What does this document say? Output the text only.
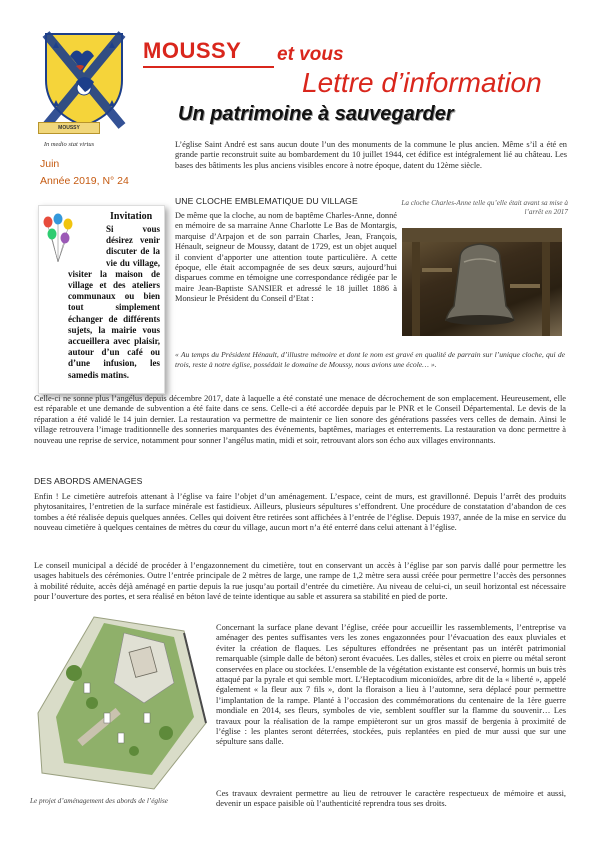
MOUSSY
In medio stat virtus
MOUSSY et vous
Lettre d’information
Un patrimoine à sauvegarder
Juin
Année 2019, N° 24
Invitation
Si vous désirez venir discuter de la vie du village, visiter la maison de village et des ateliers communaux ou bien tout simplement échanger de différents sujets, la mairie vous accueillera avec plaisir, autour d’un café ou d’une infusion, les samedis matins.
L’église Saint André est sans aucun doute l’un des monuments de la commune le plus ancien. Même s’il a été en grande partie reconstruit suite au bombardement du 10 juillet 1944, cet édifice est intégralement lié au château. Les bases des bâtiments les plus anciens visibles encore à notre époque, datent du 12ème siècle.
UNE CLOCHE EMBLEMATIQUE DU VILLAGE
De même que la cloche, au nom de baptême Charles-Anne, donné en mémoire de sa marraine Anne Charlotte Le Bas de Montargis, marquise d’Arpajon et de son parrain Charles, Jean, François, Hénault, seigneur de Moussy, datant de 1729, est un objet auquel il convient d’apporter une attention toute particulière. A cette époque, elle était accompagnée de ses deux sœurs, aujourd’hui disparues comme en témoigne une correspondance rédigée par le maire Jean-Baptiste SANSIER et adressé le 18 juillet 1886 à Monsieur le Président du Conseil d’Etat :
La cloche Charles-Anne telle qu’elle était avant sa mise à l’arrêt en 2017
« Au temps du Président Hénault, d’illustre mémoire et dont le nom est gravé en qualité de parrain sur l’unique cloche, qui de trois, reste à notre église, possédait le domaine de Moussy, nous avions une école… ».
Celle-ci ne sonne plus l’angélus depuis décembre 2017, date à laquelle a été constaté une menace de décrochement de son emplacement. Heureusement, elle est réparable et une demande de subvention a été faite dans ce sens. Celle-ci a été accordée depuis par le PNR et le Conseil Départemental. Le devis de la réparation a été validé le 14 juin dernier. La restauration va permettre de maintenir ce lien sonore des générations passées vers celles de demain. Ainsi le village retrouvera l’image traditionnelle des sonneries marquantes des événements, baptêmes, mariages et enterrements. La restauration va donc permettre à nouveau une reprise de service, notamment pour sonner l’angélus matin, midi et soir, retrouvant alors son écho aux villages environnants.
DES ABORDS AMENAGES
Enfin ! Le cimetière autrefois attenant à l’église va faire l’objet d’un aménagement. L’espace, ceint de murs, est gravillonné. Depuis l’arrêt des produits phytosanitaires, l’entretien de la surface minérale est fastidieux. Ailleurs, plusieurs sépultures s’effondrent. Une procédure de constatation d’abandon de ces tombes a été réalisée depuis quelques années. Celles qui doivent être retirées sont affichées à l’entrée de l’église. Depuis 1937, année de la mise en service du nouveau cimetière à quelques centaines de mètres du cœur du village, aucun mort n’a été enterré dans celui attenant à l’église.
Le conseil municipal a décidé de procéder à l’engazonnement du cimetière, tout en conservant un accès à l’église par son parvis dallé pour permettre les usages habituels des cérémonies. Outre l’entrée principale de 2 mètres de large, une rampe de 1,2 mètre sera aussi créée pour permettre l’accès des personnes à mobilité réduite, accès déjà aménagé en partie depuis la rue jusqu’au portail d’entrée du cimetière. Au niveau de celui-ci, un seuil horizontal est nécessaire pour l’ouverture des portes, et sera réalisé en béton lavé de teinte identique au sable et assurera sa stabilité en pied de porte.
Concernant la surface plane devant l’église, créée pour accueillir les rassemblements, l’entreprise va aménager des pentes suffisantes vers les zones engazonnées pour l’évacuation des eaux pluviales et éviter la création de flaques. Les sépultures effondrées ne présentant pas un intérêt patrimonial remarquable (simple dalle de béton) seront évacuées. Les dalles, stèles et croix en pierre ou métal seront conservées en place ou stockées. L’ensemble de la végétation existante est conservé, hormis un buis très attaqué par la pyrale et qui semble mort. L’Heptacodium miconioïdes, arbre dit de la « liberté », appelé également « la fleur aux 7 fils », dont la floraison a lieu à l’automne, sera déplacé pour permettre l’implantation de la rampe. Planté à l’occasion des commémorations du centenaire de la 1ère guerre mondiale en 2014, ses fleurs, symboles de vie, semblent souffler sur la flamme du souvenir… Les travaux pour la réalisation de la rampe empièteront sur un gros massif de bergenia à proximité de l’église : les plantes seront déterrées, stockées, puis replantées en pied de mur aussi que sur une sépulture sans dalle.
Ces travaux devraient permettre au lieu de retrouver le caractère respectueux de mémoire et aussi, devenir un espace paisible où l’authenticité reprendra tous ses droits.
Le projet d’aménagement des abords de l’église
